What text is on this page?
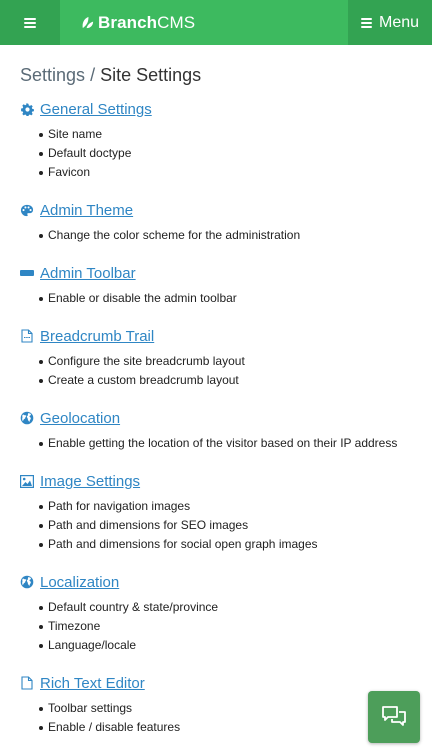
Branch CMS	Menu
Settings / Site Settings
General Settings
Site name
Default doctype
Favicon
Admin Theme
Change the color scheme for the administration
Admin Toolbar
Enable or disable the admin toolbar
Breadcrumb Trail
Configure the site breadcrumb layout
Create a custom breadcrumb layout
Geolocation
Enable getting the location of the visitor based on their IP address
Image Settings
Path for navigation images
Path and dimensions for SEO images
Path and dimensions for social open graph images
Localization
Default country & state/province
Timezone
Language/locale
Rich Text Editor
Toolbar settings
Enable / disable features
